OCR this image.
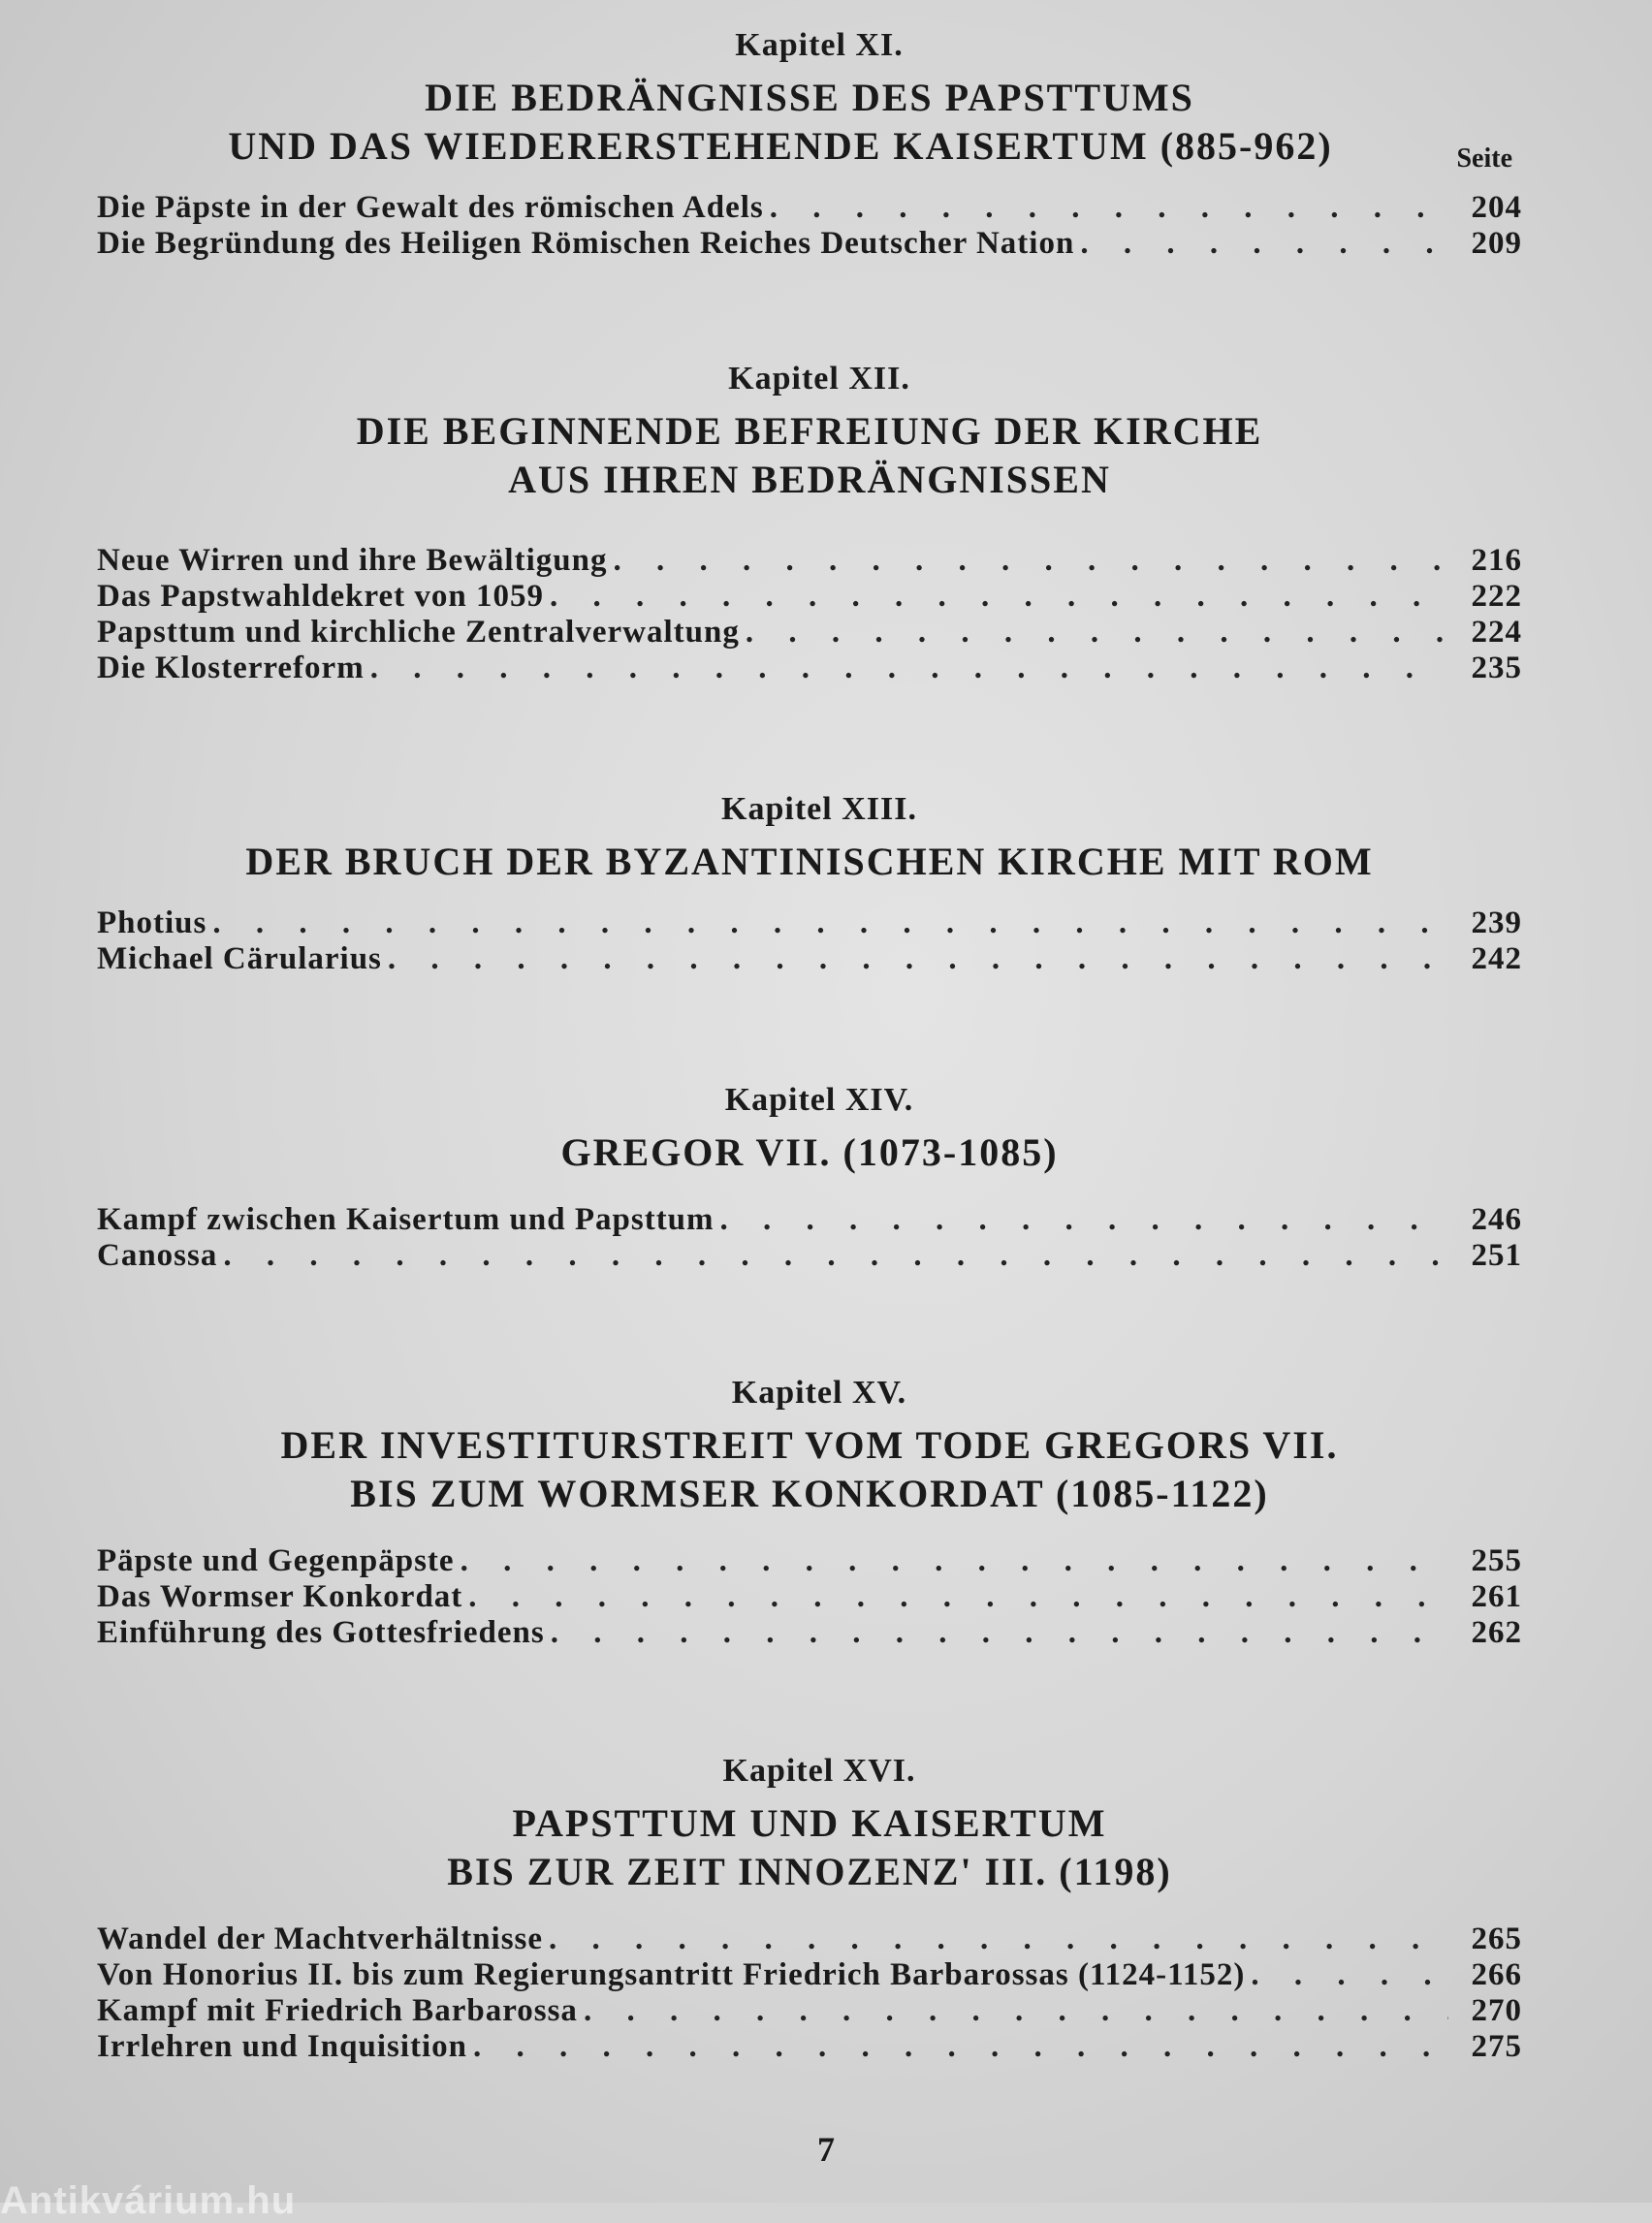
Kapitel XI.

DIE BEDRÄNGNISSE DES PAPSTTUMS
UND DAS WIEDERERSTEHENDE KAISERTUM (885-962)	Seite
Die Päpste in der Gewalt des römischen Adels . . .	204
Die Begründung des Heiligen Römischen Reiches Deutscher Nation . . .	209

Kapitel XII.

DIE BEGINNENDE BEFREIUNG DER KIRCHE
AUS IHREN BEDRÄNGNISSEN
Neue Wirren und ihre Bewältigung . . .	216
Das Papstwahldekret von 1059 . . .	222
Papsttum und kirchliche Zentralverwaltung . . .	224
Die Klosterreform . . .	235

Kapitel XIII.

DER BRUCH DER BYZANTINISCHEN KIRCHE MIT ROM
Photius . . .	239
Michael Cärularius . . .	242

Kapitel XIV.

GREGOR VII. (1073-1085)
Kampf zwischen Kaisertum und Papsttum . . .	246
Canossa . . .	251

Kapitel XV.

DER INVESTITURSTREIT VOM TODE GREGORS VII.
BIS ZUM WORMSER KONKORDAT (1085-1122)
Päpste und Gegenpäpste . . .	255
Das Wormser Konkordat . . .	261
Einführung des Gottesfriedens . . .	262

Kapitel XVI.

PAPSTTUM UND KAISERTUM
BIS ZUR ZEIT INNOZENZ' III. (1198)
Wandel der Machtverhältnisse . . .	265
Von Honorius II. bis zum Regierungsantritt Friedrich Barbarossas (1124-1152) . . .	266
Kampf mit Friedrich Barbarossa . . .	270
Irrlehren und Inquisition . . .	275
7
Antikvárium.hu
